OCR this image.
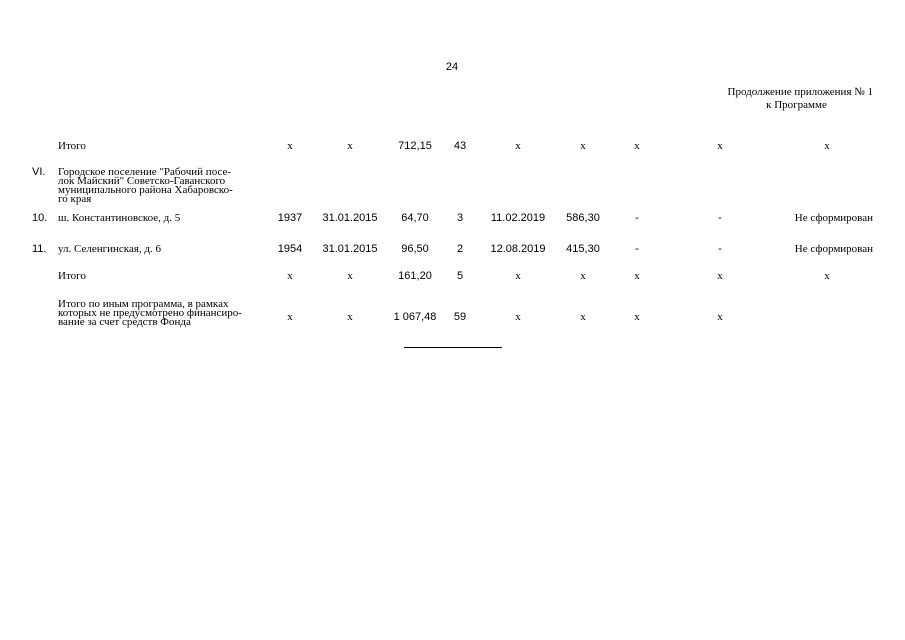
24
Продолжение приложения № 1
к Программе
Итого	х	х	712,15	43	х	х	х	х	х
VI. Городское поселение "Рабочий посе-
лок Майский" Советско-Гаванского
муниципального района Хабаровско-
го края
10. ш. Константиновское, д. 5	1937	31.01.2015	64,70	3	11.02.2019	586,30	-	-	Не сформирован
11. ул. Селенгинская, д. 6	1954	31.01.2015	96,50	2	12.08.2019	415,30	-	-	Не сформирован
Итого	х	х	161,20	5	х	х	х	х	х
Итого по иным программа, в рамках
которых не предусмотрено финансиро-
вание за счет средств Фонда	х	х	1 067,48	59	х	х	х	х
